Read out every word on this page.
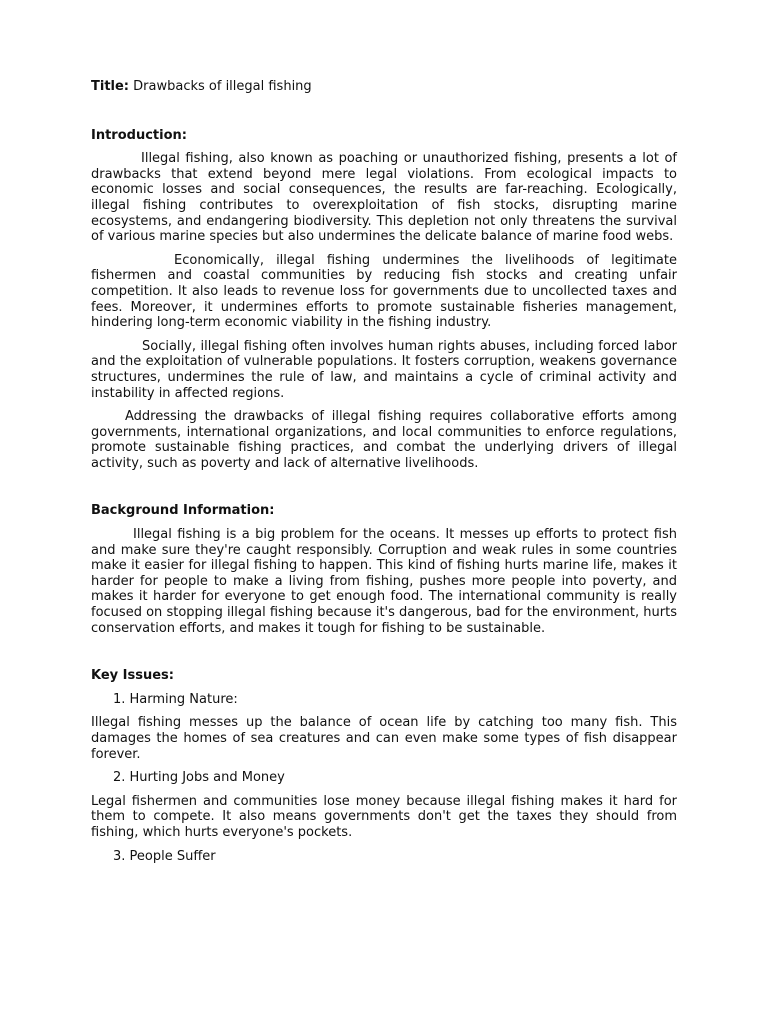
Title: Drawbacks of illegal fishing

Introduction:

Illegal fishing, also known as poaching or unauthorized fishing, presents a lot of drawbacks that extend beyond mere legal violations. From ecological impacts to economic losses and social consequences, the results are far-reaching. Ecologically, illegal fishing contributes to overexploitation of fish stocks, disrupting marine ecosystems, and endangering biodiversity. This depletion not only threatens the survival of various marine species but also undermines the delicate balance of marine food webs.

Economically, illegal fishing undermines the livelihoods of legitimate fishermen and coastal communities by reducing fish stocks and creating unfair competition. It also leads to revenue loss for governments due to uncollected taxes and fees. Moreover, it undermines efforts to promote sustainable fisheries management, hindering long-term economic viability in the fishing industry.

Socially, illegal fishing often involves human rights abuses, including forced labor and the exploitation of vulnerable populations. It fosters corruption, weakens governance structures, undermines the rule of law, and maintains a cycle of criminal activity and instability in affected regions.

Addressing the drawbacks of illegal fishing requires collaborative efforts among governments, international organizations, and local communities to enforce regulations, promote sustainable fishing practices, and combat the underlying drivers of illegal activity, such as poverty and lack of alternative livelihoods.

Background Information:

Illegal fishing is a big problem for the oceans. It messes up efforts to protect fish and make sure they're caught responsibly. Corruption and weak rules in some countries make it easier for illegal fishing to happen. This kind of fishing hurts marine life, makes it harder for people to make a living from fishing, pushes more people into poverty, and makes it harder for everyone to get enough food. The international community is really focused on stopping illegal fishing because it's dangerous, bad for the environment, hurts conservation efforts, and makes it tough for fishing to be sustainable.

Key Issues:

1. Harming Nature:

Illegal fishing messes up the balance of ocean life by catching too many fish. This damages the homes of sea creatures and can even make some types of fish disappear forever.

2. Hurting Jobs and Money

Legal fishermen and communities lose money because illegal fishing makes it hard for them to compete. It also means governments don't get the taxes they should from fishing, which hurts everyone's pockets.

3. People Suffer
